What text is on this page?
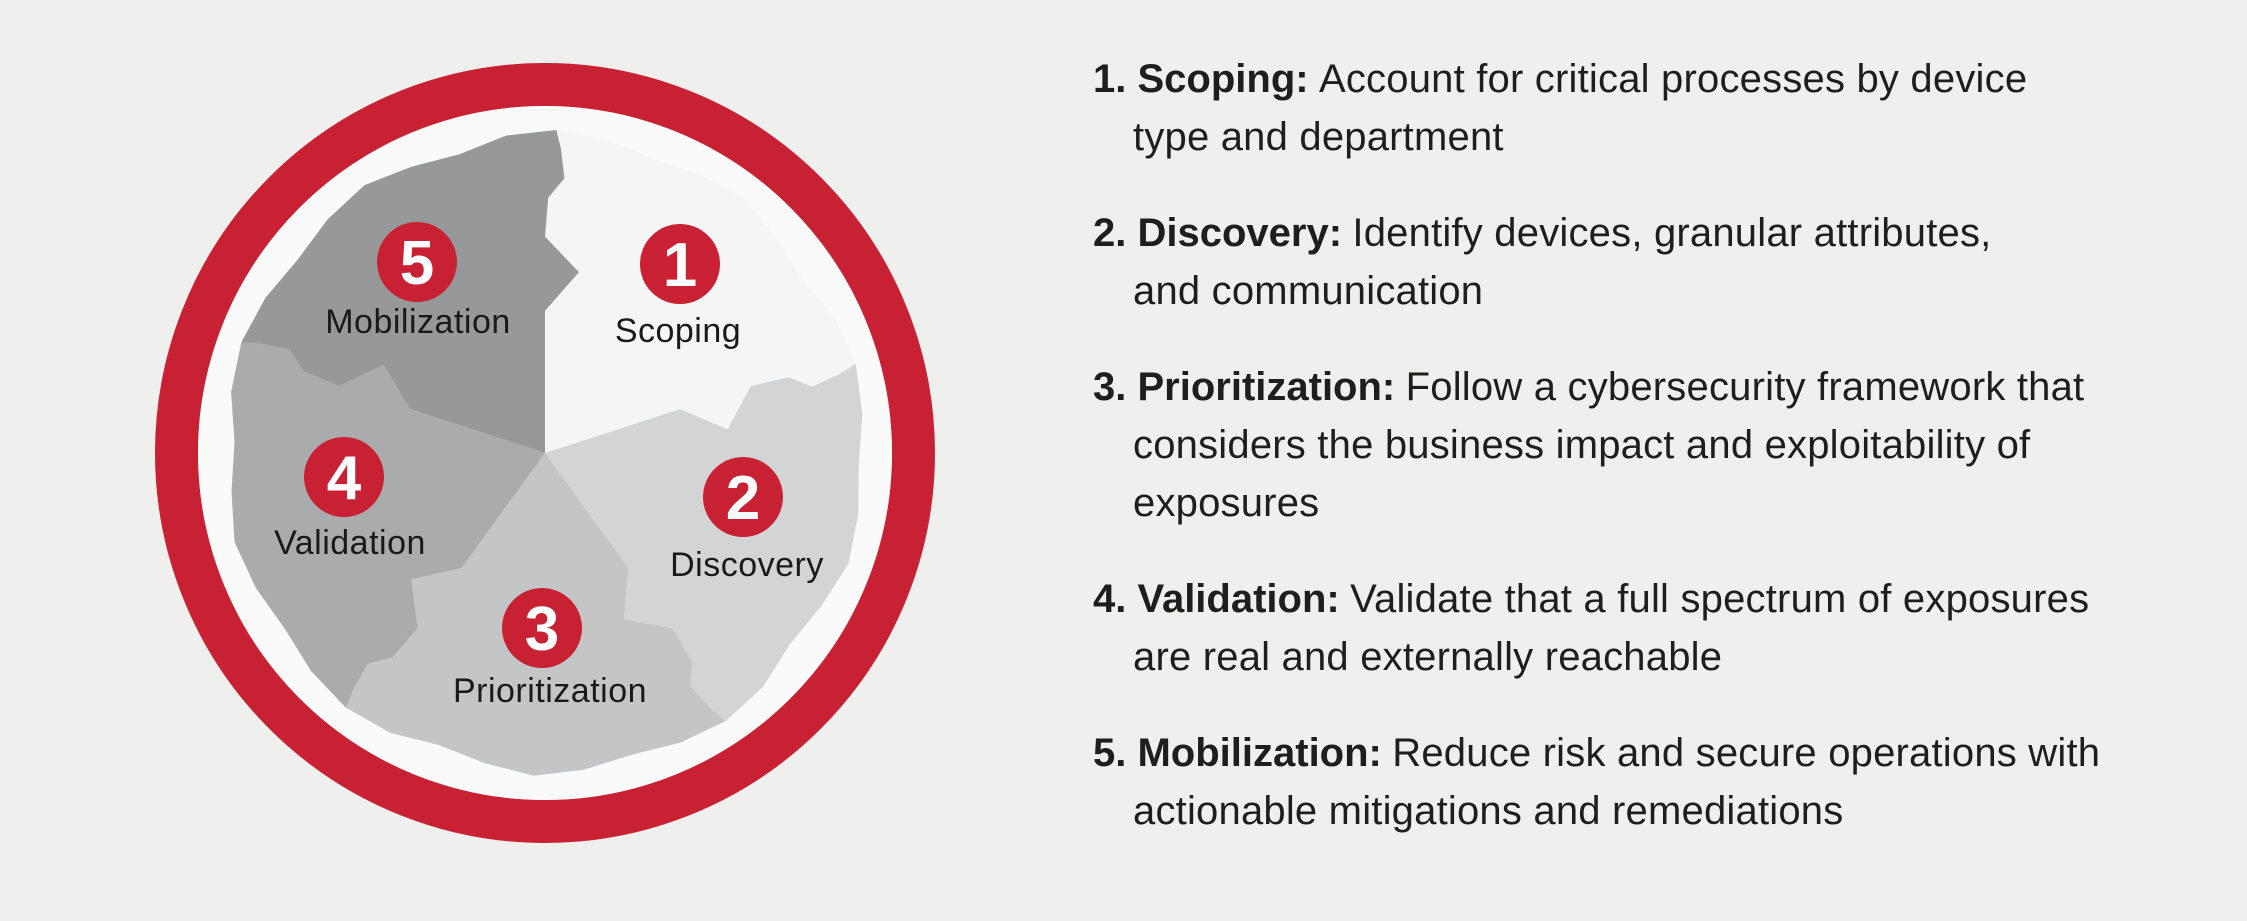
1
Scoping
2
Discovery
3
Prioritization
4
Validation
5
Mobilization
1. Scoping: Account for critical processes by device
type and department
2. Discovery: Identify devices, granular attributes,
and communication
3. Prioritization: Follow a cybersecurity framework that
considers the business impact and exploitability of
exposures
4. Validation: Validate that a full spectrum of exposures
are real and externally reachable
5. Mobilization: Reduce risk and secure operations with
actionable mitigations and remediations
